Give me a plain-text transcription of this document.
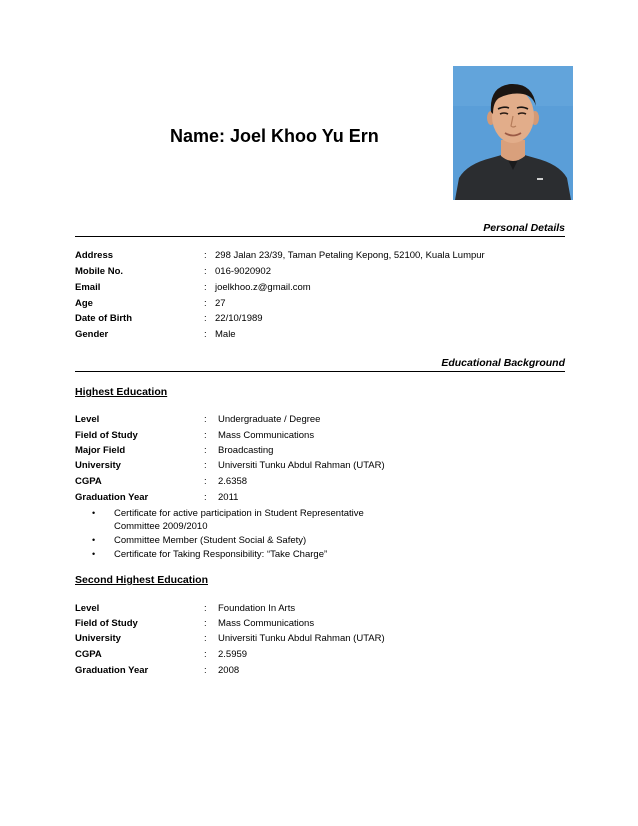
Name: Joel Khoo Yu Ern
Personal Details
Address	: 298 Jalan 23/39, Taman Petaling Kepong, 52100, Kuala Lumpur
Mobile No.	: 016-9020902
Email	: joelkhoo.z@gmail.com
Age	: 27
Date of Birth	: 22/10/1989
Gender	: Male
Educational Background
Highest Education
Level	: Undergraduate / Degree
Field of Study	: Mass Communications
Major Field	: Broadcasting
University	: Universiti Tunku Abdul Rahman (UTAR)
CGPA	: 2.6358
Graduation Year	: 2011
• Certificate for active participation in Student Representative Committee 2009/2010
• Committee Member (Student Social & Safety)
• Certificate for Taking Responsibility: “Take Charge”
Second Highest Education
Level	: Foundation In Arts
Field of Study	: Mass Communications
University	: Universiti Tunku Abdul Rahman (UTAR)
CGPA	: 2.5959
Graduation Year	: 2008
